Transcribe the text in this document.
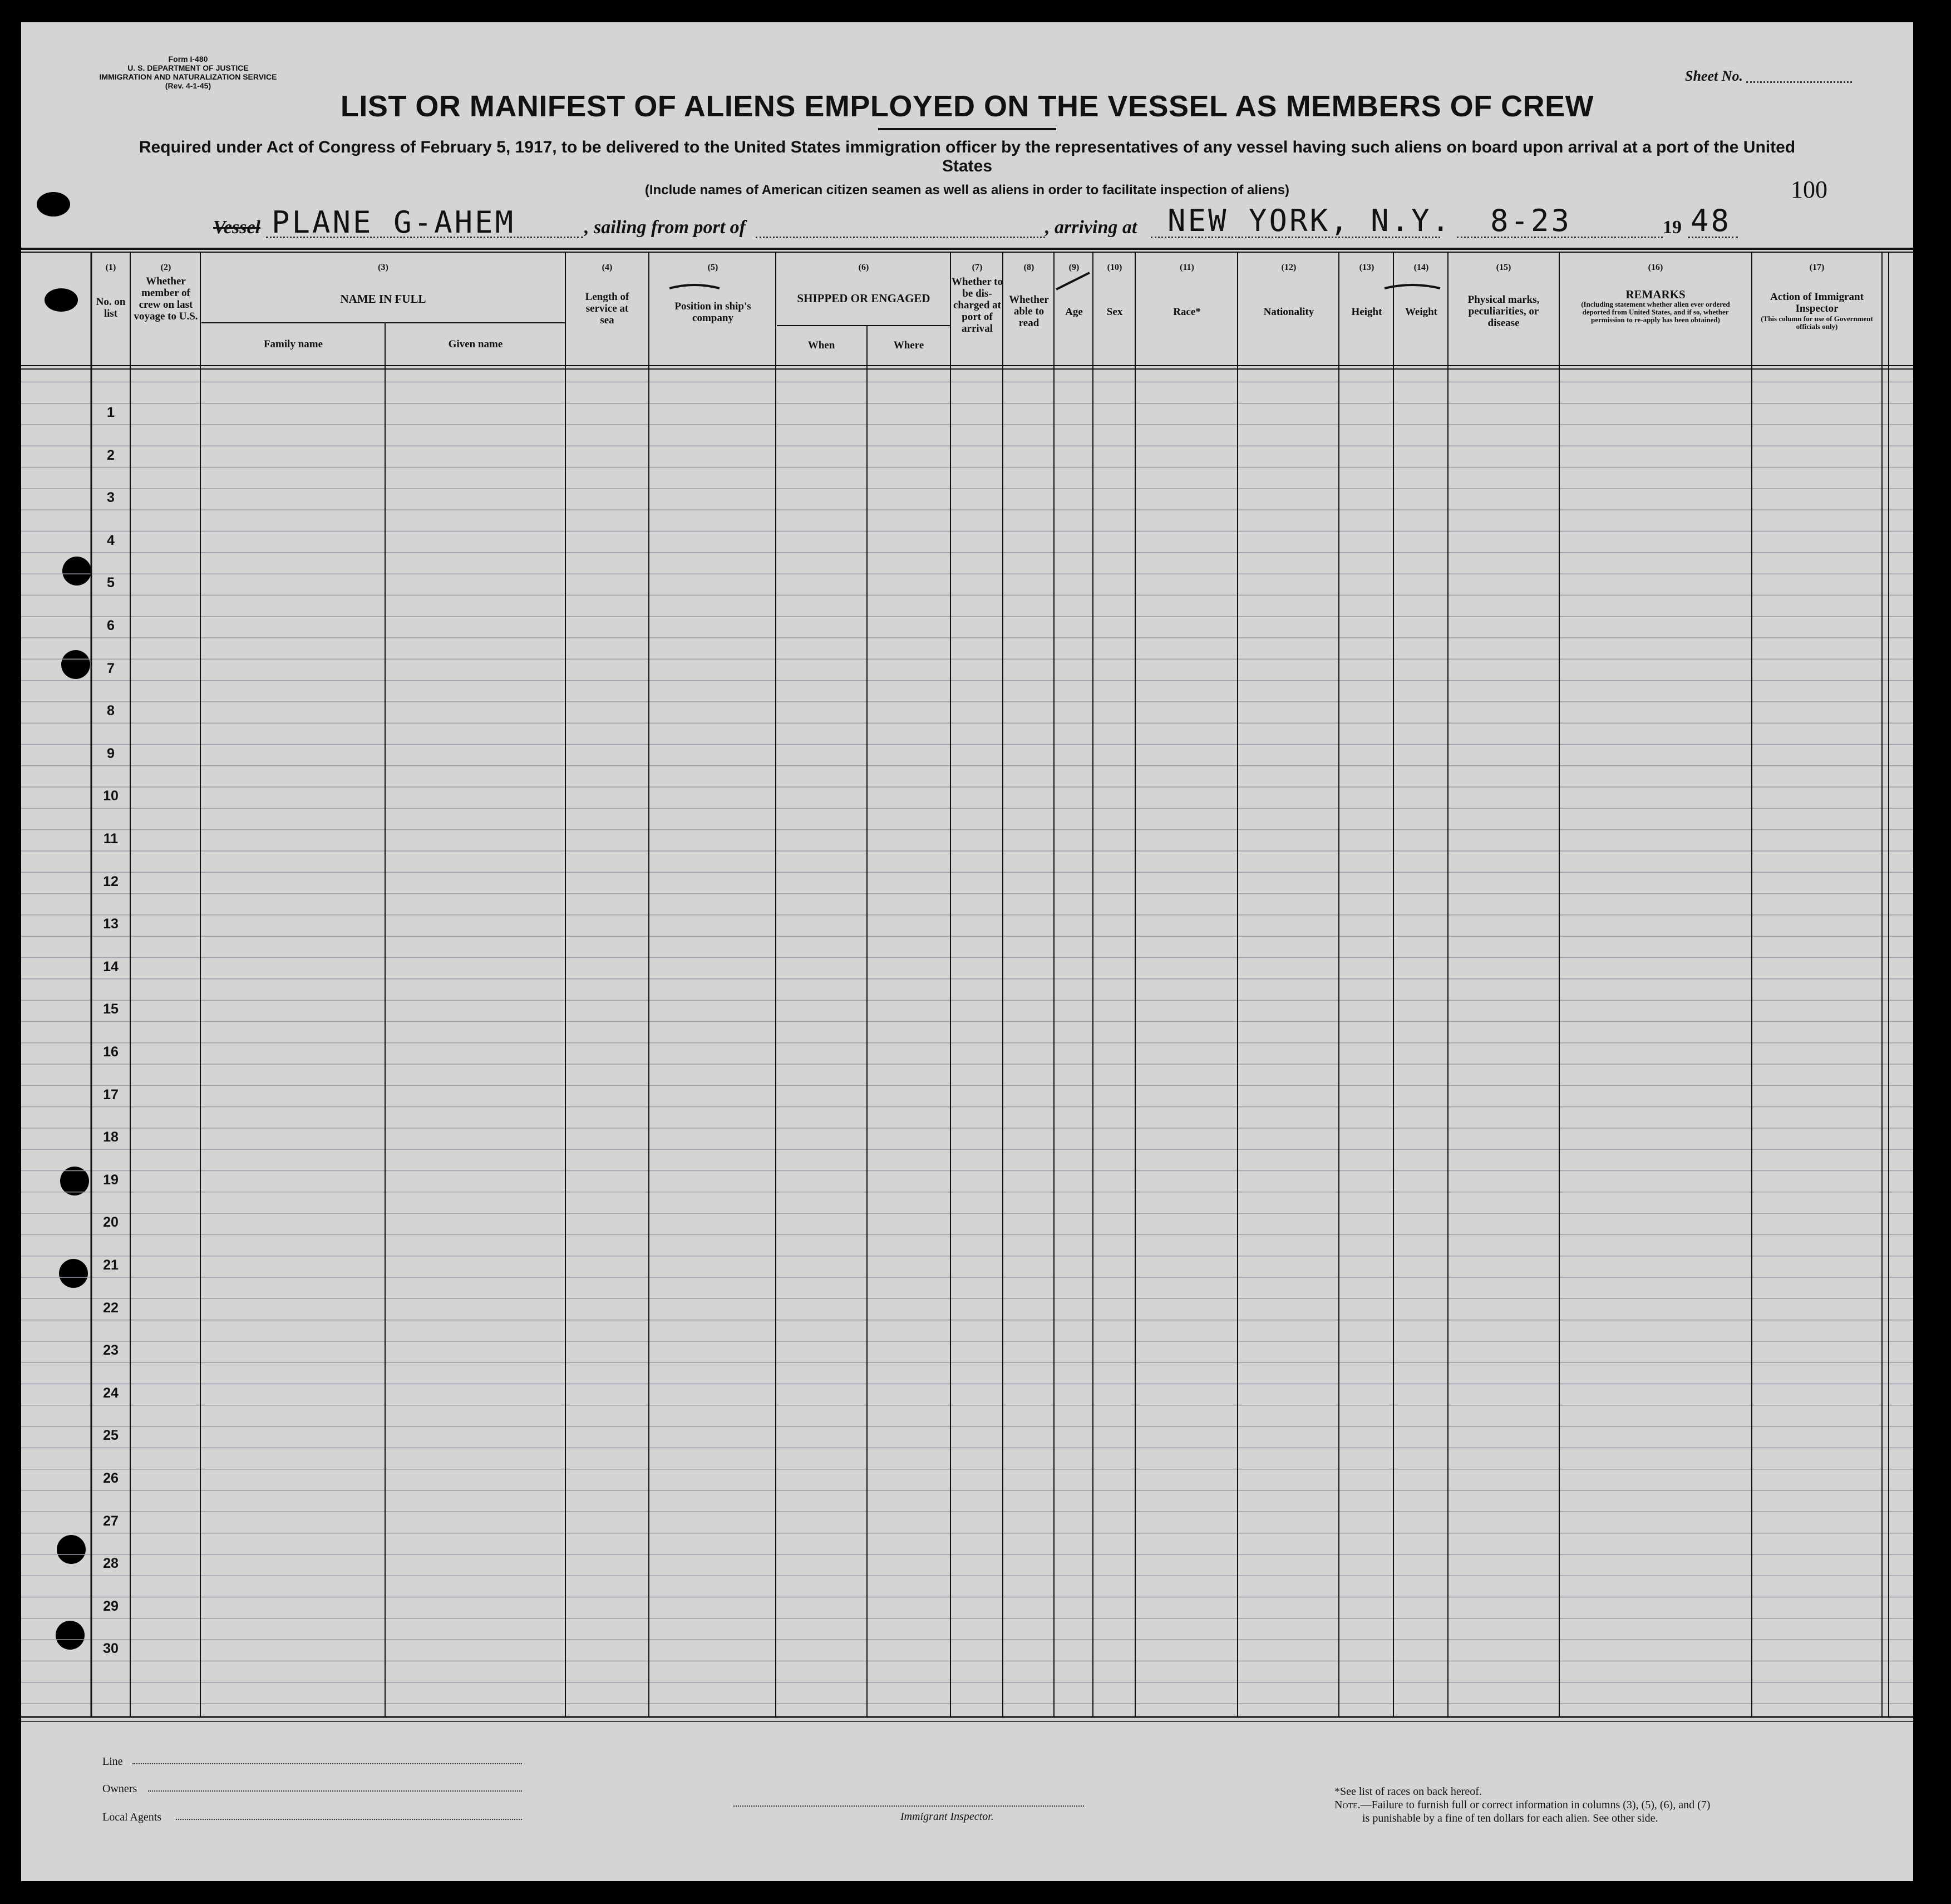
Form I-480
U. S. DEPARTMENT OF JUSTICE
IMMIGRATION AND NATURALIZATION SERVICE
(Rev. 4-1-45)
Sheet No.
LIST OR MANIFEST OF ALIENS EMPLOYED ON THE VESSEL AS MEMBERS OF CREW
Required under Act of Congress of February 5, 1917, to be delivered to the United States immigration officer by the representatives of any vessel having such aliens on board upon arrival at a port of the United States
(Include names of American citizen seamen as well as aliens in order to facilitate inspection of aliens)	100
Vessel PLANE G-AHEM	, sailing from port of	, arriving at NEW YORK, N.Y. 8-23	19 48
(1)
No. on list
(2)
Whether member of crew on last voyage to U.S.
(3)
NAME IN FULL
Family name	Given name
(4)
Length of service at sea
(5)
Position in ship's company
(6)
SHIPPED OR ENGAGED
When	Where
(7)
Whether to be dis-charged at port of arrival
(8)
Whether able to read
(9)
Age
(10)
Sex
(11)
Race*
(12)
Nationality
(13)
Height
(14)
Weight
(15)
Physical marks, peculiarities, or disease
(16)
REMARKS
(Including statement whether alien ever ordered deported from United States, and if so, whether permission to re-apply has been obtained)
(17)
Action of Immigrant Inspector
(This column for use of Government officials only)
1
2
3
4
5
6
7
8
9
10
11
12
13
14
15
16
17
18
19
20
21
22
23
24
25
26
27
28
29
30
Line
Owners
Local Agents	Immigrant Inspector.
*See list of races on back hereof.
Note.—Failure to furnish full or correct information in columns (3), (5), (6), and (7)
is punishable by a fine of ten dollars for each alien. See other side.
